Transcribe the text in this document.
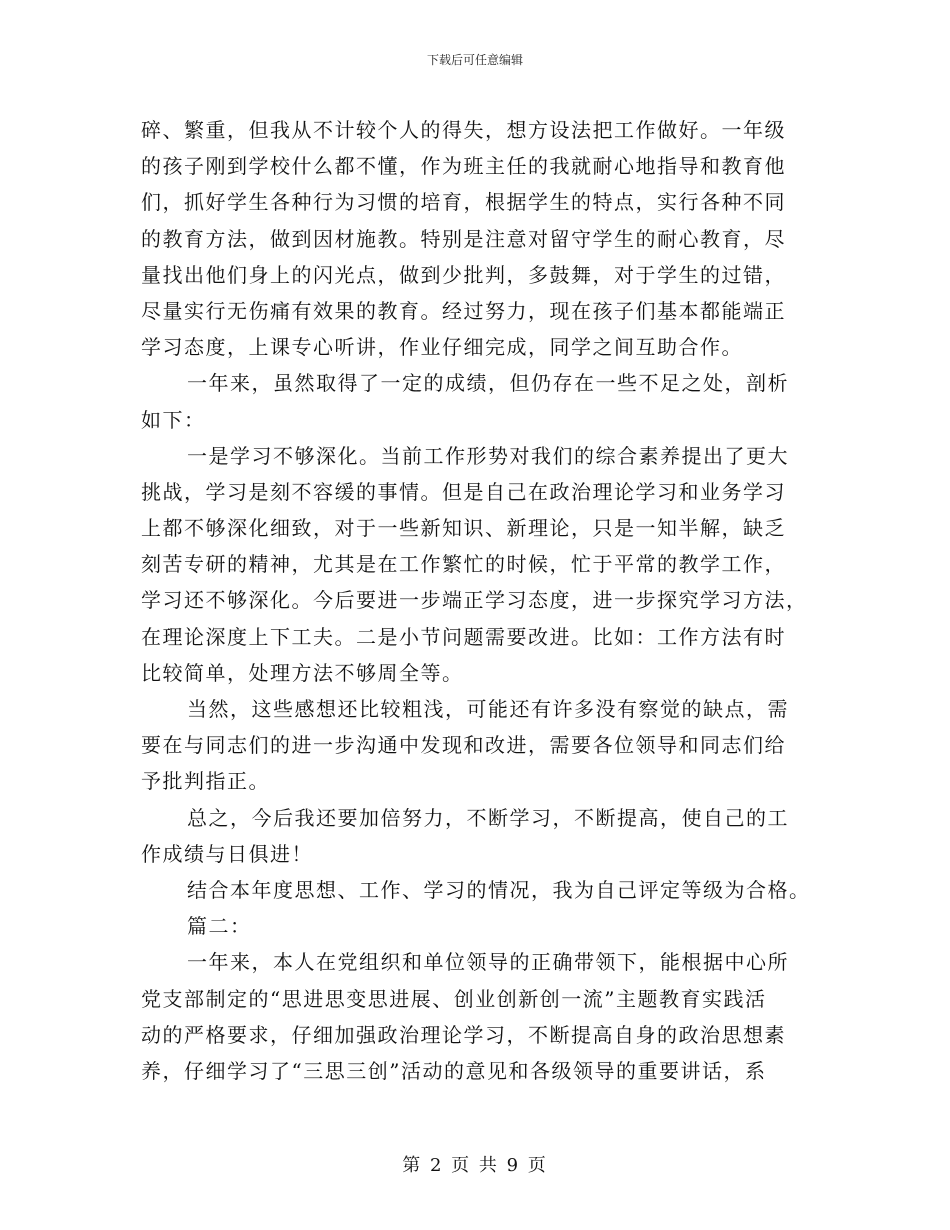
下载后可任意编辑
碎、繁重，但我从不计较个人的得失，想方设法把工作做好。一年级
的孩子刚到学校什么都不懂，作为班主任的我就耐心地指导和教育他
们，抓好学生各种行为习惯的培育，根据学生的特点，实行各种不同
的教育方法，做到因材施教。特别是注意对留守学生的耐心教育，尽
量找出他们身上的闪光点，做到少批判，多鼓舞，对于学生的过错，
尽量实行无伤痛有效果的教育。经过努力，现在孩子们基本都能端正
学习态度，上课专心听讲，作业仔细完成，同学之间互助合作。
一年来，虽然取得了一定的成绩，但仍存在一些不足之处，剖析
如下：
一是学习不够深化。当前工作形势对我们的综合素养提出了更大
挑战，学习是刻不容缓的事情。但是自己在政治理论学习和业务学习
上都不够深化细致，对于一些新知识、新理论，只是一知半解，缺乏
刻苦专研的精神，尤其是在工作繁忙的时候，忙于平常的教学工作，
学习还不够深化。今后要进一步端正学习态度，进一步探究学习方法，
在理论深度上下工夫。二是小节问题需要改进。比如：工作方法有时
比较简单，处理方法不够周全等。
当然，这些感想还比较粗浅，可能还有许多没有察觉的缺点，需
要在与同志们的进一步沟通中发现和改进，需要各位领导和同志们给
予批判指正。
总之，今后我还要加倍努力，不断学习，不断提高，使自己的工
作成绩与日俱进！
结合本年度思想、工作、学习的情况，我为自己评定等级为合格。
篇二：
一年来，本人在党组织和单位领导的正确带领下，能根据中心所
党支部制定的“思进思变思进展、创业创新创一流”主题教育实践活
动的严格要求，仔细加强政治理论学习，不断提高自身的政治思想素
养，仔细学习了“三思三创”活动的意见和各级领导的重要讲话，系
第 2 页 共 9 页
